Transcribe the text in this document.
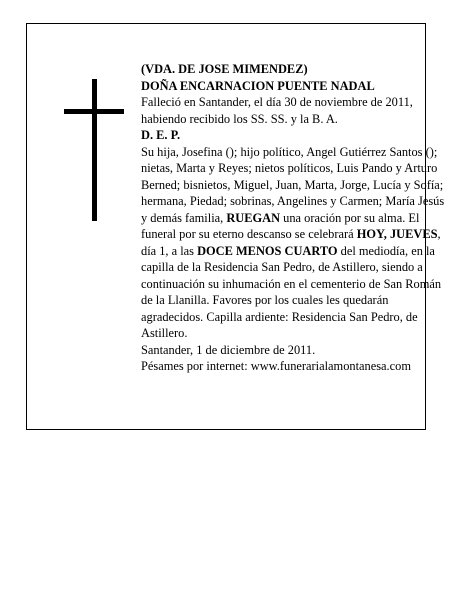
(VDA. DE JOSE MIMENDEZ)

DOÑA ENCARNACION PUENTE NADAL

Falleció en Santander, el día 30 de noviembre de 2011, habiendo recibido los SS. SS. y la B. A.

D. E. P.

Su hija, Josefina (); hijo político, Angel Gutiérrez Santos (); nietas, Marta y Reyes; nietos políticos, Luis Pando y Arturo Berned; bisnietos, Miguel, Juan, Marta, Jorge, Lucía y Sofía; hermana, Piedad; sobrinas, Angelines y Carmen; María Jesús y demás familia, RUEGAN una oración por su alma. El funeral por su eterno descanso se celebrará HOY, JUEVES, día 1, a las DOCE MENOS CUARTO del mediodía, en la capilla de la Residencia San Pedro, de Astillero, siendo a continuación su inhumación en el cementerio de San Román de la Llanilla. Favores por los cuales les quedarán agradecidos. Capilla ardiente: Residencia San Pedro, de Astillero.

Santander, 1 de diciembre de 2011.

Pésames por internet: www.funerarialamontanesa.com
